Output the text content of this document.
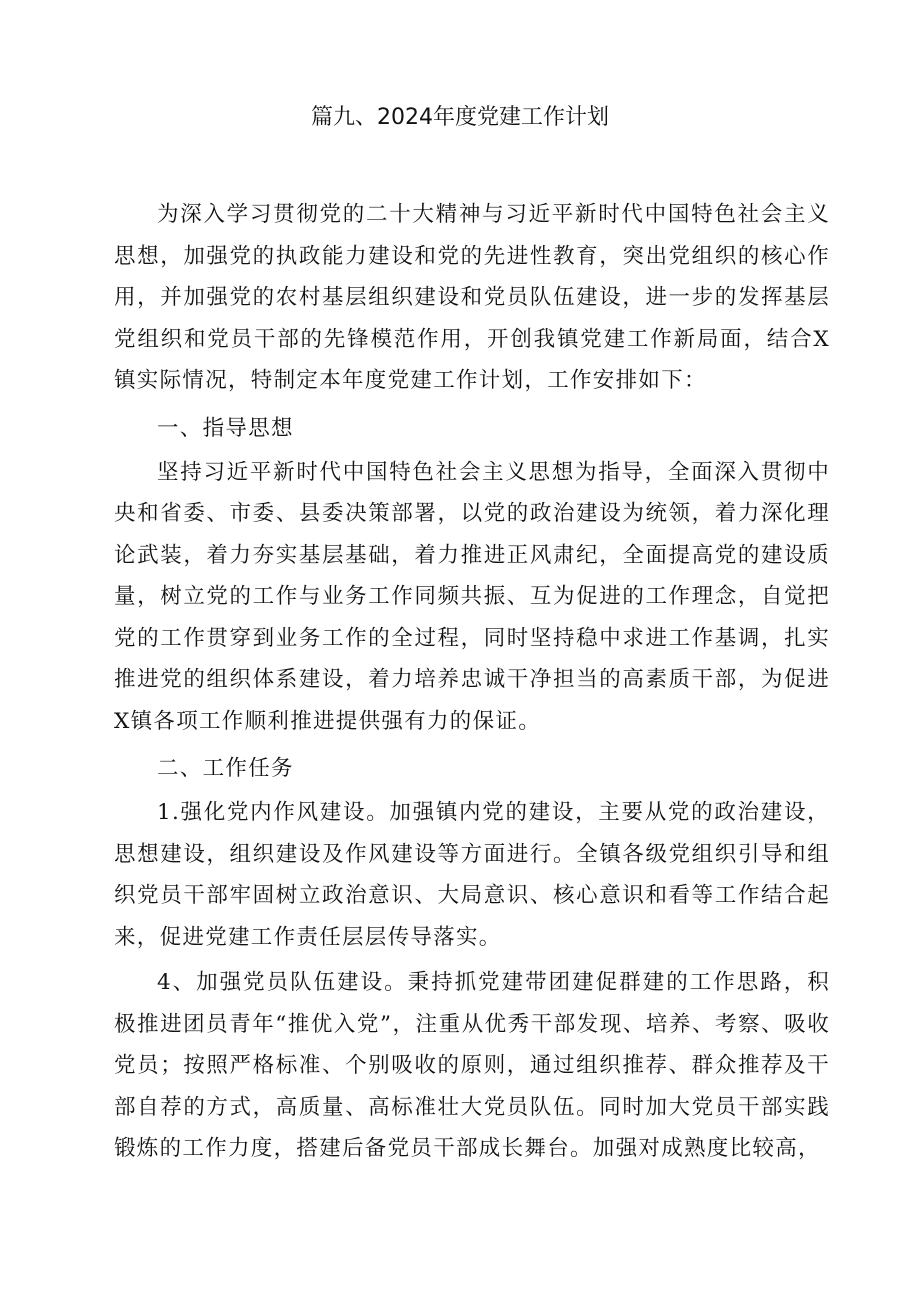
篇九、2024年度党建工作计划

为深入学习贯彻党的二十大精神与习近平新时代中国特色社会主义思想，加强党的执政能力建设和党的先进性教育，突出党组织的核心作用，并加强党的农村基层组织建设和党员队伍建设，进一步的发挥基层党组织和党员干部的先锋模范作用，开创我镇党建工作新局面，结合X镇实际情况，特制定本年度党建工作计划，工作安排如下：

一、指导思想

坚持习近平新时代中国特色社会主义思想为指导，全面深入贯彻中央和省委、市委、县委决策部署，以党的政治建设为统领，着力深化理论武装，着力夯实基层基础，着力推进正风肃纪，全面提高党的建设质量，树立党的工作与业务工作同频共振、互为促进的工作理念，自觉把党的工作贯穿到业务工作的全过程，同时坚持稳中求进工作基调，扎实推进党的组织体系建设，着力培养忠诚干净担当的高素质干部，为促进X镇各项工作顺利推进提供强有力的保证。

二、工作任务

1.强化党内作风建设。加强镇内党的建设，主要从党的政治建设，思想建设，组织建设及作风建设等方面进行。全镇各级党组织引导和组织党员干部牢固树立政治意识、大局意识、核心意识和看等工作结合起来，促进党建工作责任层层传导落实。

4、加强党员队伍建设。秉持抓党建带团建促群建的工作思路，积极推进团员青年“推优入党”，注重从优秀干部发现、培养、考察、吸收党员；按照严格标准、个别吸收的原则，通过组织推荐、群众推荐及干部自荐的方式，高质量、高标准壮大党员队伍。同时加大党员干部实践锻炼的工作力度，搭建后备党员干部成长舞台。加强对成熟度比较高，
